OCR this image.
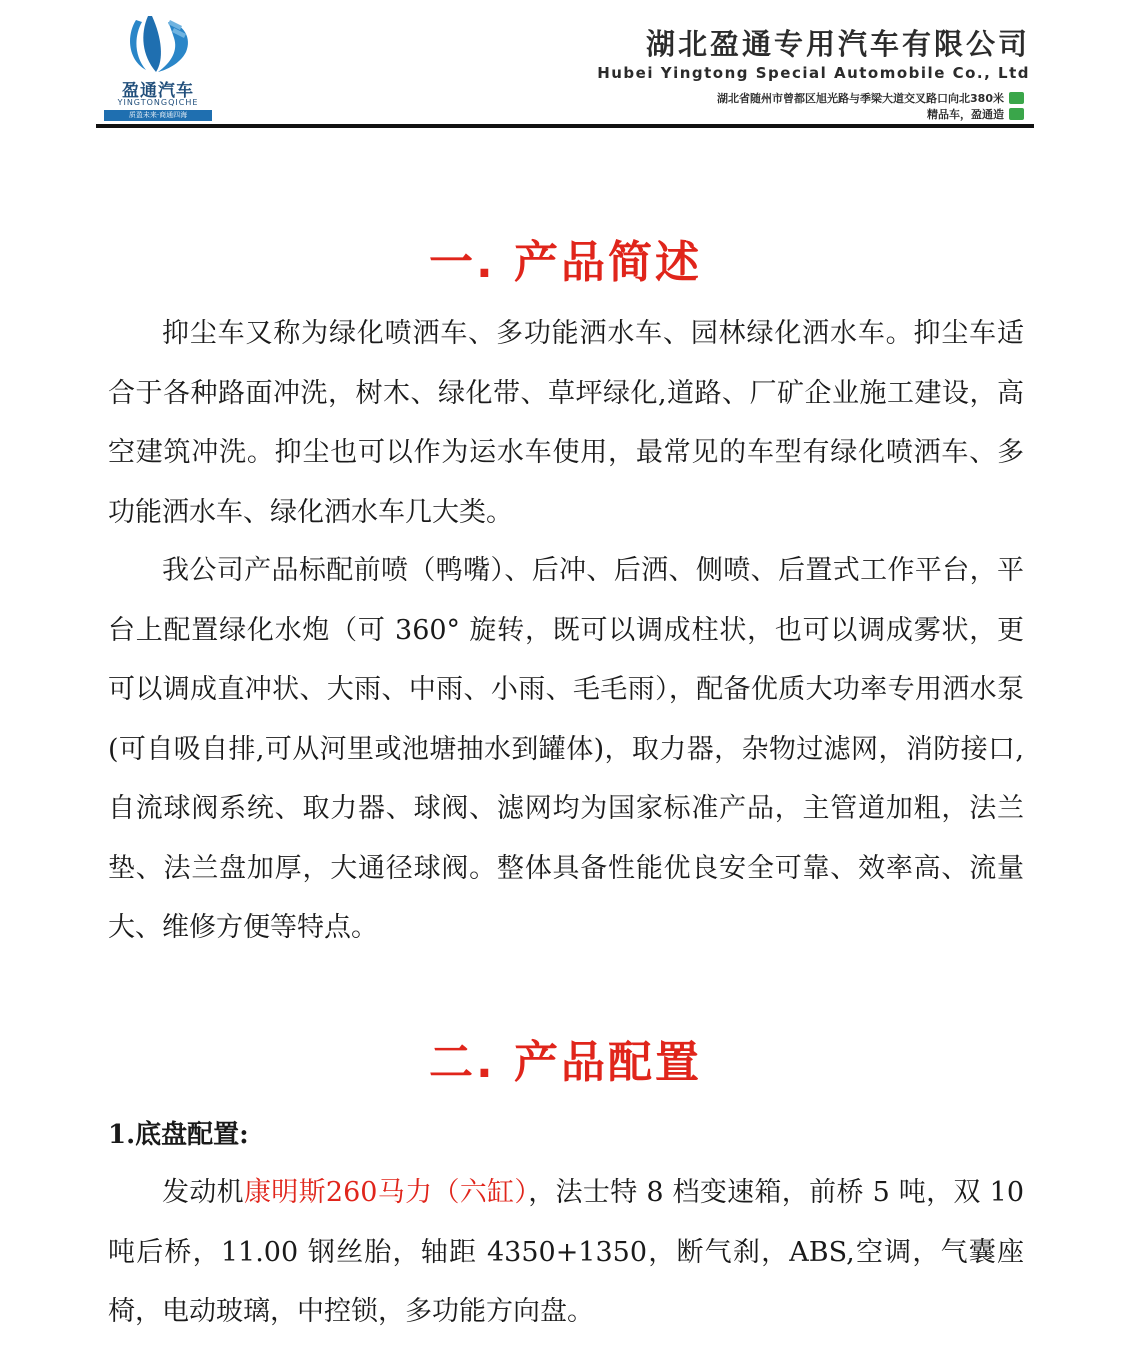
盈通汽车
YINGTONGQICHE
质盈未来·商通四海
湖北盈通专用汽车有限公司
Hubei Yingtong Special Automobile Co., Ltd
湖北省随州市曾都区旭光路与季梁大道交叉路口向北380米
精品车，盈通造
一. 产品简述

抑尘车又称为绿化喷洒车、多功能洒水车、园林绿化洒水车。抑尘车适合于各种路面冲洗，树木、绿化带、草坪绿化,道路、厂矿企业施工建设，高空建筑冲洗。抑尘也可以作为运水车使用，最常见的车型有绿化喷洒车、多功能洒水车、绿化洒水车几大类。

我公司产品标配前喷（鸭嘴）、后冲、后洒、侧喷、后置式工作平台，平台上配置绿化水炮（可 360° 旋转，既可以调成柱状，也可以调成雾状，更可以调成直冲状、大雨、中雨、小雨、毛毛雨），配备优质大功率专用洒水泵(可自吸自排,可从河里或池塘抽水到罐体)，取力器，杂物过滤网，消防接口,自流球阀系统、取力器、球阀、滤网均为国家标准产品，主管道加粗，法兰垫、法兰盘加厚，大通径球阀。整体具备性能优良安全可靠、效率高、流量大、维修方便等特点。

二. 产品配置
1.底盘配置:

发动机康明斯260马力（六缸），法士特 8 档变速箱，前桥 5 吨，双 10 吨后桥，11.00 钢丝胎，轴距 4350+1350，断气刹，ABS,空调，气囊座椅，电动玻璃，中控锁，多功能方向盘。
